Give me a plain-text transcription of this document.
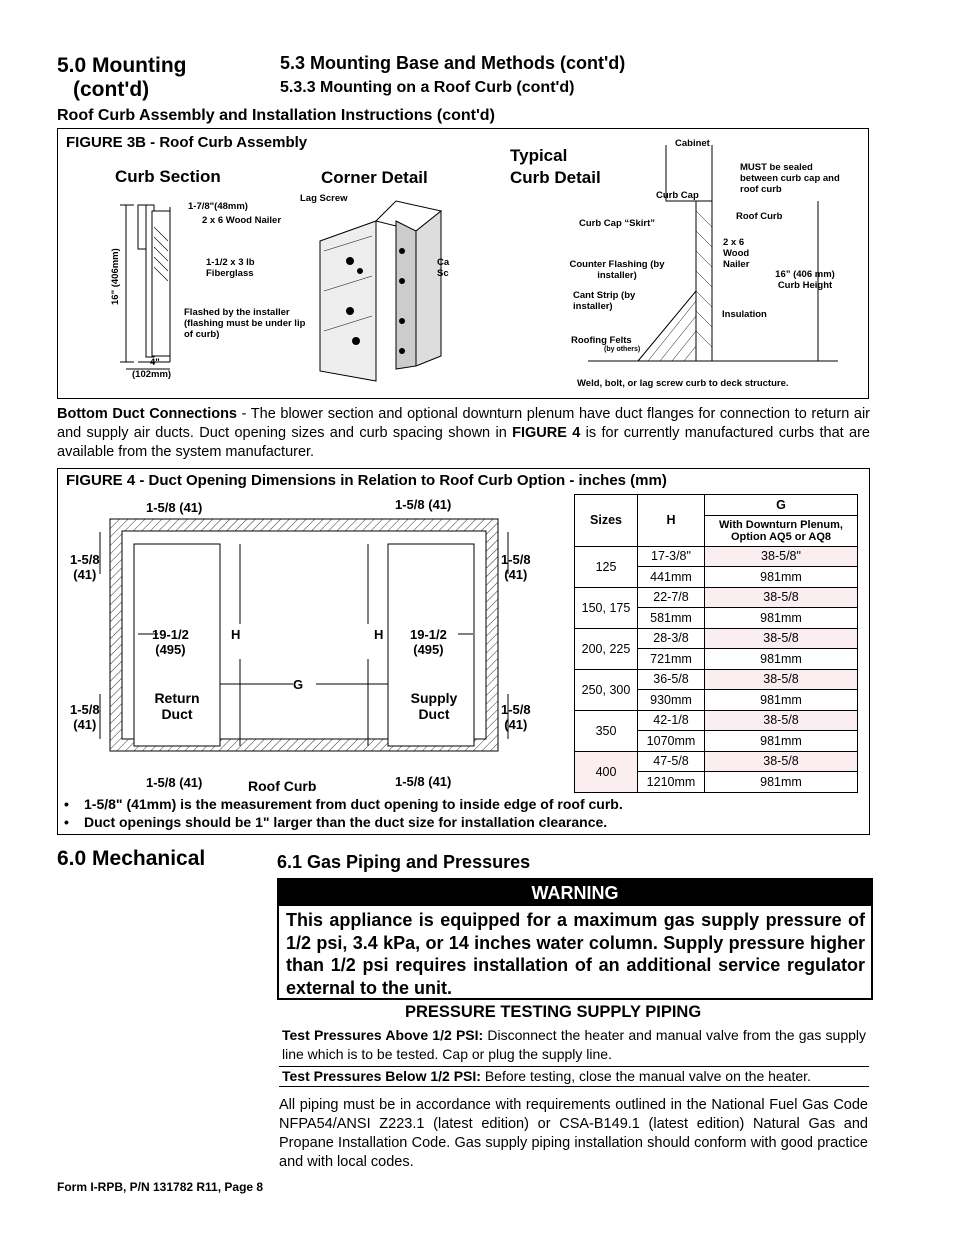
5.0 Mounting
(cont'd)
5.3 Mounting Base and Methods (cont'd)
5.3.3 Mounting on a Roof Curb (cont'd)
Roof Curb Assembly and Installation Instructions (cont'd)
FIGURE 3B - Roof Curb Assembly
Curb Section
1-7/8"(48mm)
2 x 6 Wood Nailer
1-1/2 x 3 lb Fiberglass
Flashed by the installer (flashing must be under lip of curb)
16" (406mm)
4"
(102mm)
Corner Detail
Lag Screw
Ca Sc
Typical
Curb Detail
Cabinet
MUST be sealed between curb cap and roof curb
Curb Cap
Curb Cap “Skirt”
Roof Curb
2 x 6 Wood Nailer
Counter Flashing (by installer)	16” (406 mm) Curb Height
Cant Strip (by installer)
Insulation
Roofing Felts
(by others)
Weld, bolt, or lag screw curb to deck structure.
Bottom Duct Connections - The blower section and optional downturn plenum have duct flanges for connection to return air and supply air ducts. Duct opening sizes and curb spacing shown in FIGURE 4 is for currently manufactured curbs that are available from the system manufacturer.
FIGURE 4 - Duct Opening Dimensions in Relation to Roof Curb Option - inches (mm)
1-5/8 (41)	1-5/8 (41)
1-5/8 (41)	1-5/8 (41)
1-5/8
(41)
1-5/8
(41)
1-5/8
(41)
1-5/8
(41)
19-1/2
(495)
19-1/2
(495)
H	H
G
Return Duct
Supply Duct
Roof Curb
Sizes	H	G
		With Downturn Plenum, Option AQ5 or AQ8
125	17-3/8"	38-5/8"
	441mm	981mm
150, 175	22-7/8	38-5/8
	581mm	981mm
200, 225	28-3/8	38-5/8
	721mm	981mm
250, 300	36-5/8	38-5/8
	930mm	981mm
350	42-1/8	38-5/8
	1070mm	981mm
400	47-5/8	38-5/8
	1210mm	981mm
• 1-5/8" (41mm) is the measurement from duct opening to inside edge of roof curb.
• Duct openings should be 1" larger than the duct size for installation clearance.
6.0 Mechanical	6.1 Gas Piping and Pressures
WARNING
This appliance is equipped for a maximum gas supply pressure of 1/2 psi, 3.4 kPa, or 14 inches water column. Supply pressure higher than 1/2 psi requires installation of an additional service regulator external to the unit.
PRESSURE TESTING SUPPLY PIPING
Test Pressures Above 1/2 PSI: Disconnect the heater and manual valve from the gas supply line which is to be tested. Cap or plug the supply line.
Test Pressures Below 1/2 PSI: Before testing, close the manual valve on the heater.
All piping must be in accordance with requirements outlined in the National Fuel Gas Code NFPA54/ANSI Z223.1 (latest edition) or CSA-B149.1 (latest edition) Natural Gas and Propane Installation Code. Gas supply piping installation should conform with good practice and with local codes.
Form I-RPB, P/N 131782 R11, Page 8
